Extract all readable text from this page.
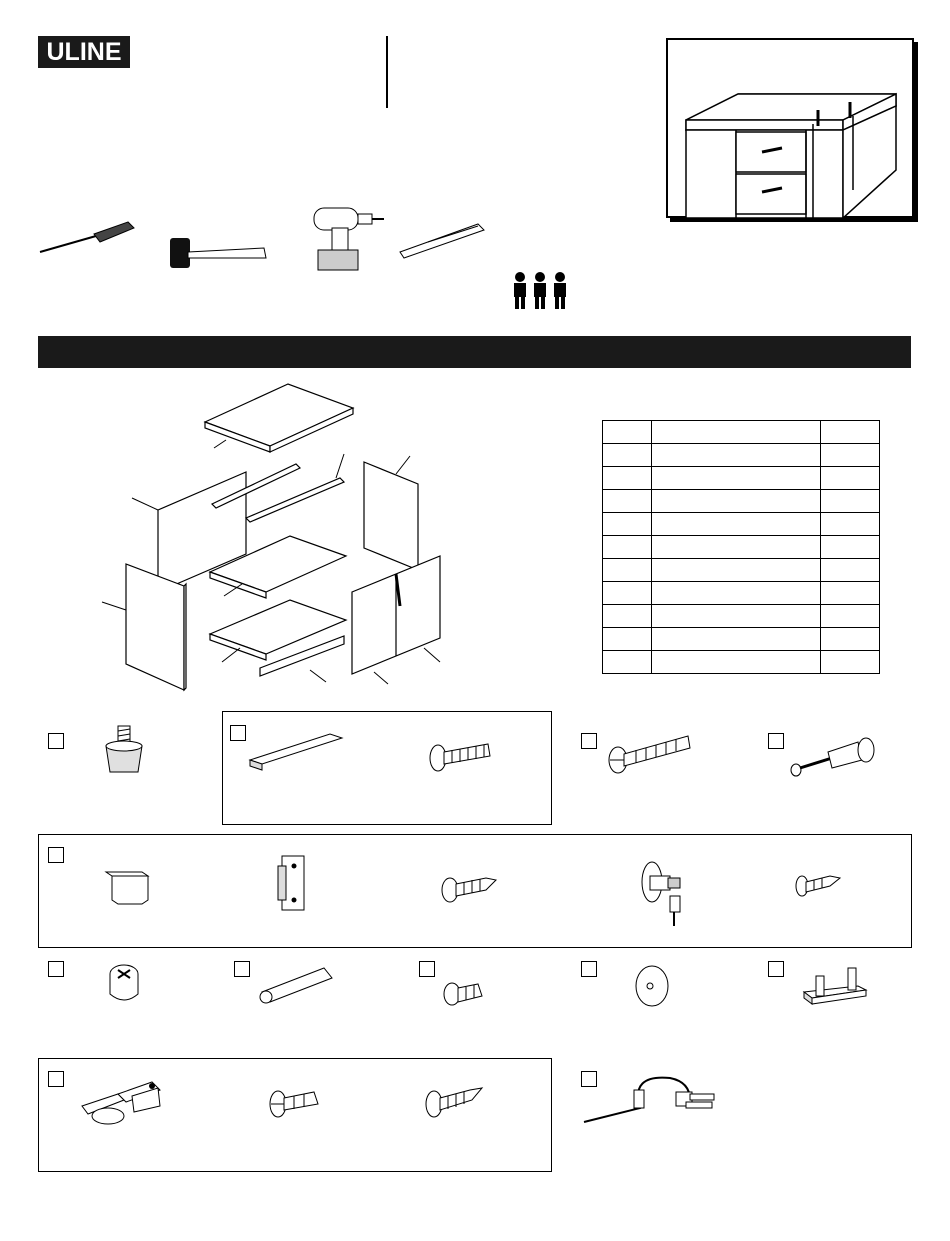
ULINE
